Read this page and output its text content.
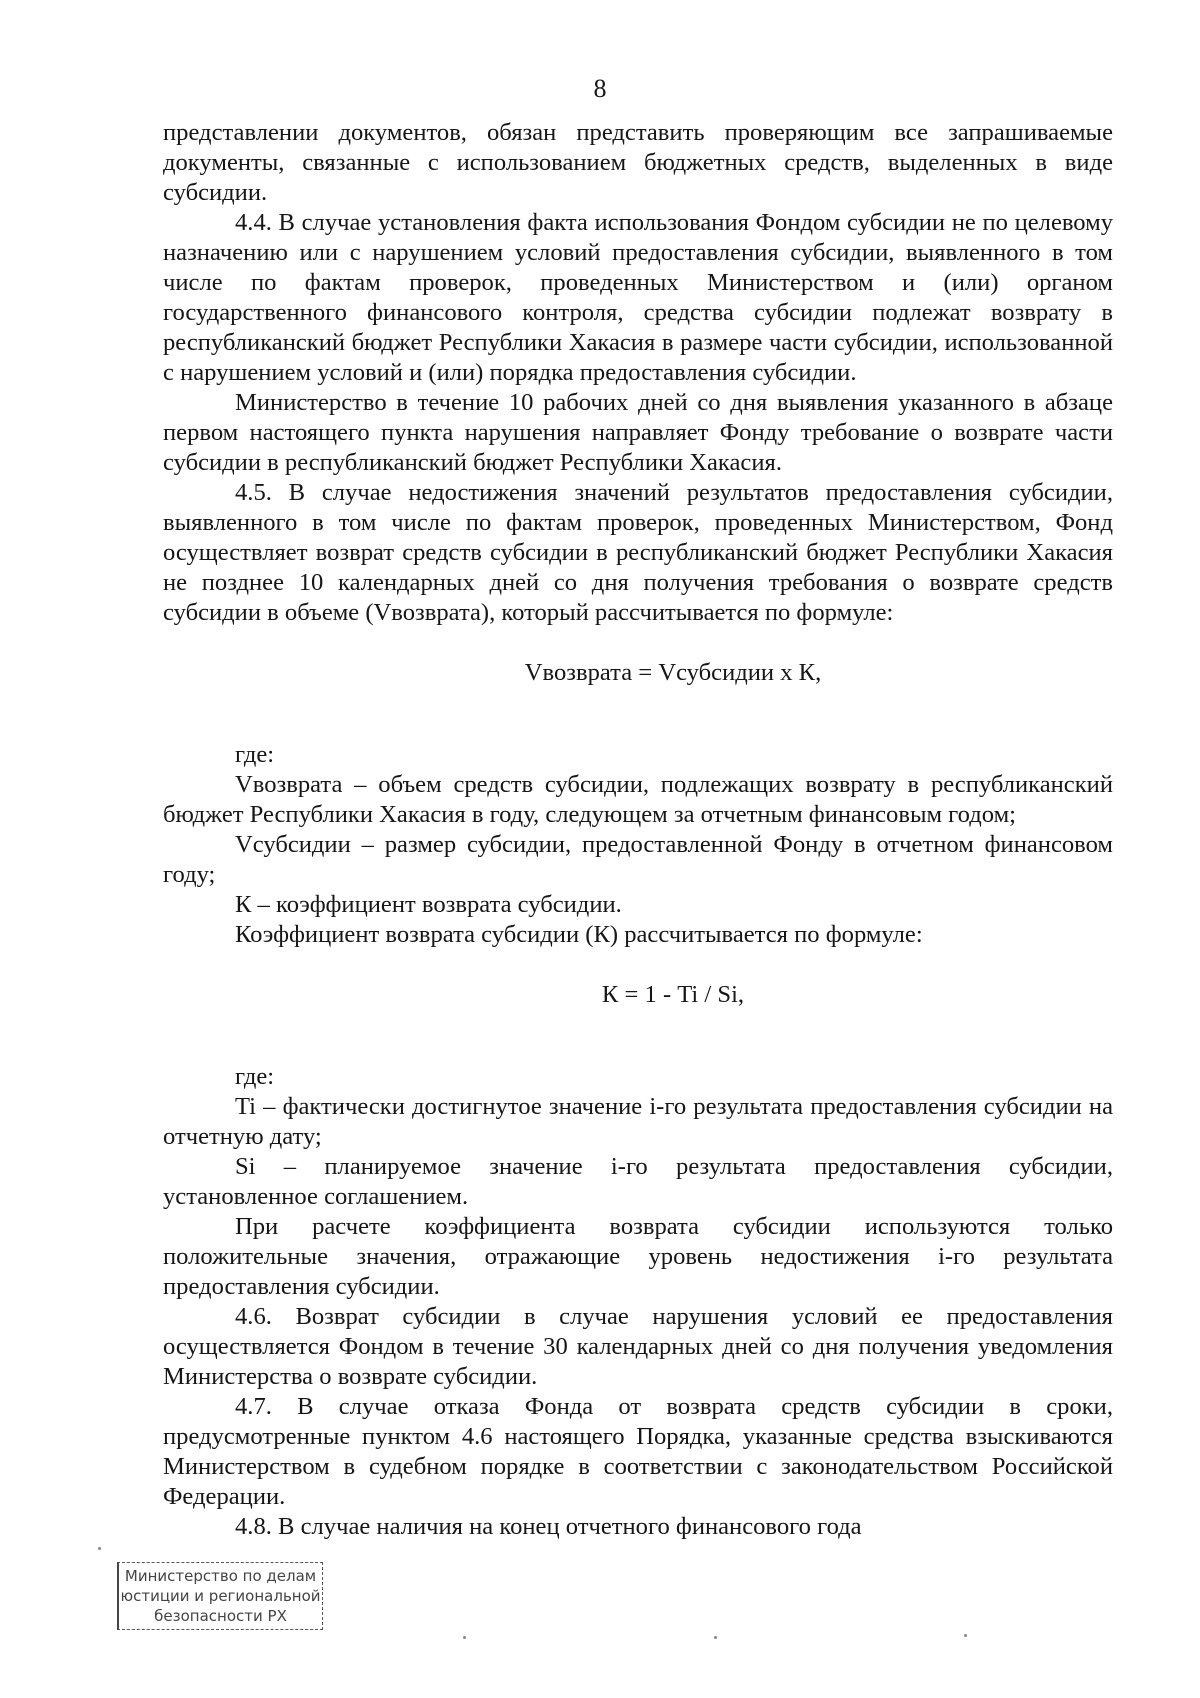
8

представлении документов, обязан представить проверяющим все запрашиваемые документы, связанные с использованием бюджетных средств, выделенных в виде субсидии.

4.4. В случае установления факта использования Фондом субсидии не по целевому назначению или с нарушением условий предоставления субсидии, выявленного в том числе по фактам проверок, проведенных Министерством и (или) органом государственного финансового контроля, средства субсидии подлежат возврату в республиканский бюджет Республики Хакасия в размере части субсидии, использованной с нарушением условий и (или) порядка предоставления субсидии.

Министерство в течение 10 рабочих дней со дня выявления указанного в абзаце первом настоящего пункта нарушения направляет Фонду требование о возврате части субсидии в республиканский бюджет Республики Хакасия.

4.5. В случае недостижения значений результатов предоставления субсидии, выявленного в том числе по фактам проверок, проведенных Министерством, Фонд осуществляет возврат средств субсидии в республиканский бюджет Республики Хакасия не позднее 10 календарных дней со дня получения требования о возврате средств субсидии в объеме (Vвозврата), который рассчитывается по формуле:

Vвозврата = Vсубсидии x К,

где:

Vвозврата – объем средств субсидии, подлежащих возврату в республиканский бюджет Республики Хакасия в году, следующем за отчетным финансовым годом;

Vсубсидии – размер субсидии, предоставленной Фонду в отчетном финансовом году;

К – коэффициент возврата субсидии.

Коэффициент возврата субсидии (К) рассчитывается по формуле:

К = 1 - Ti / Si,

где:

Ti – фактически достигнутое значение i-го результата предоставления субсидии на отчетную дату;

Si – планируемое значение i-го результата предоставления субсидии, установленное соглашением.

При расчете коэффициента возврата субсидии используются только положительные значения, отражающие уровень недостижения i-го результата предоставления субсидии.

4.6. Возврат субсидии в случае нарушения условий ее предоставления осуществляется Фондом в течение 30 календарных дней со дня получения уведомления Министерства о возврате субсидии.

4.7. В случае отказа Фонда от возврата средств субсидии в сроки, предусмотренные пунктом 4.6 настоящего Порядка, указанные средства взыскиваются Министерством в судебном порядке в соответствии с законодательством Российской Федерации.

4.8. В случае наличия на конец отчетного финансового года

Министерство по делам
юстиции и региональной
безопасности РХ
